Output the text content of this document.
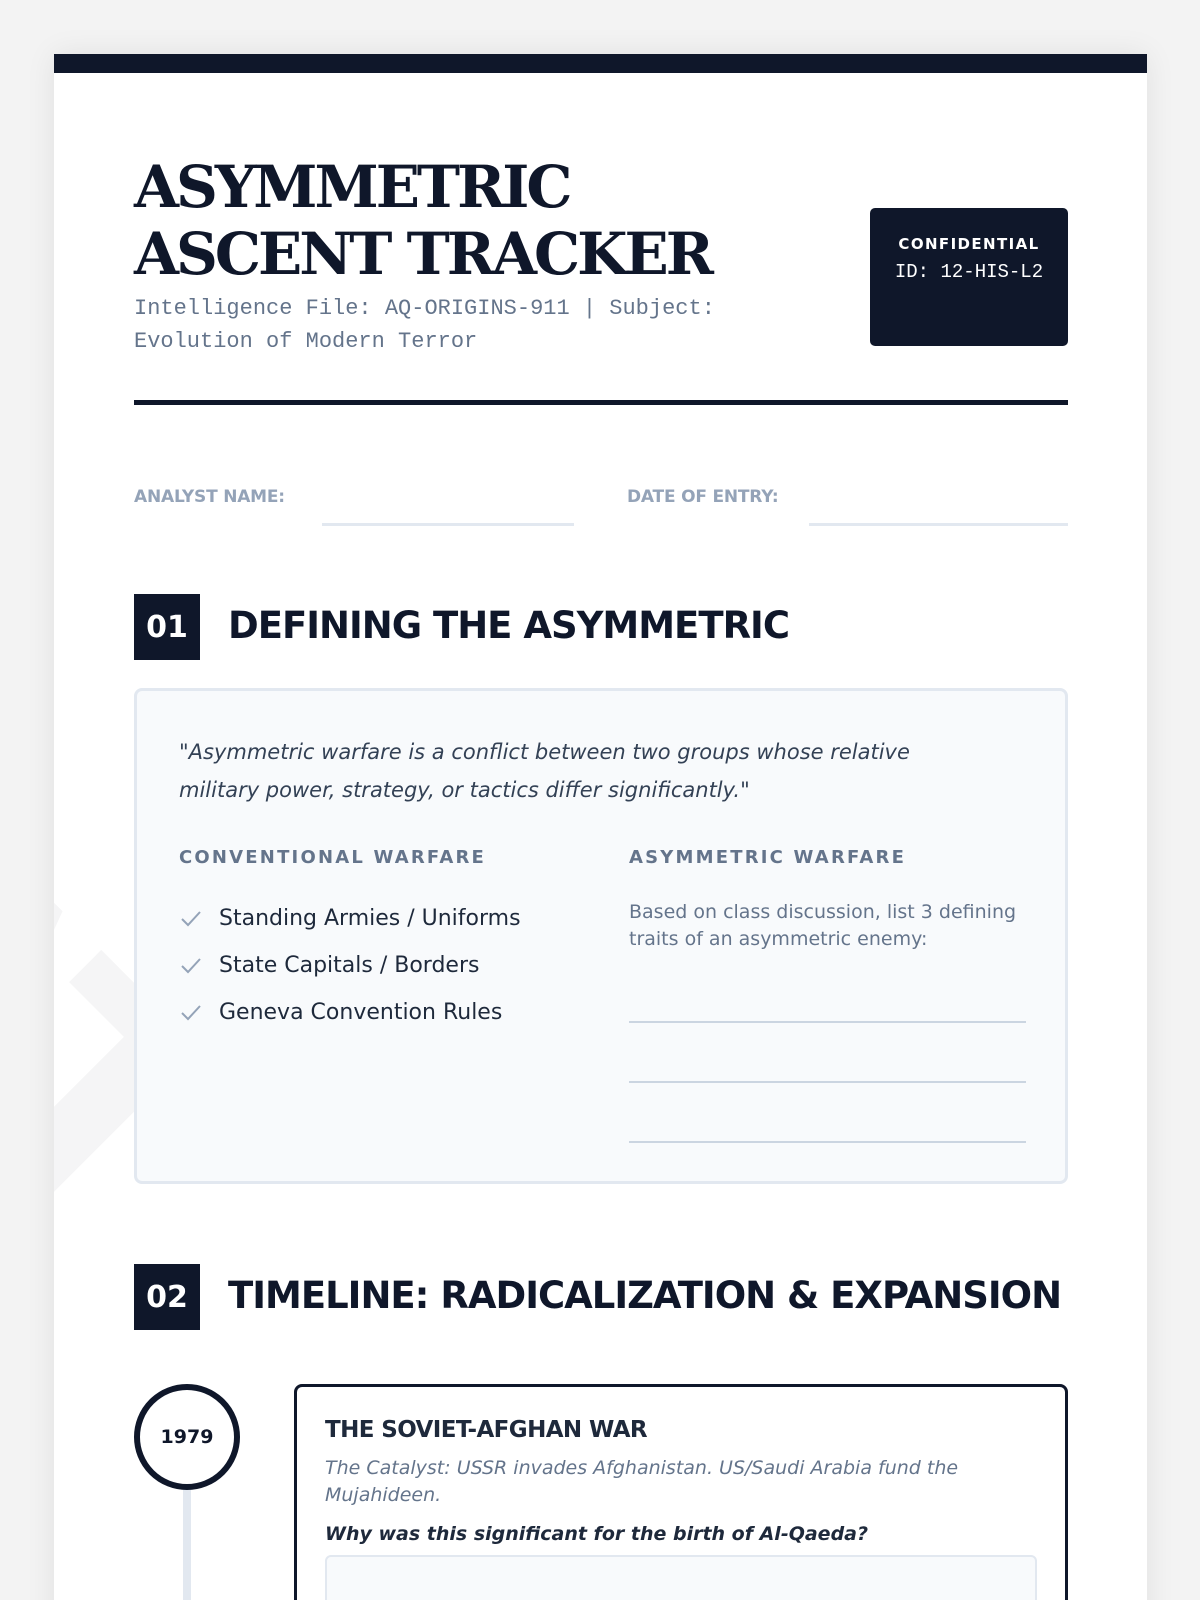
ASYMMETRIC ASCENT TRACKER

Intelligence File: AQ-ORIGINS-911 | Subject: Evolution of Modern Terror

CONFIDENTIAL
ID: 12-HIS-L2
ANALYST NAME:	DATE OF ENTRY:
01	DEFINING THE ASYMMETRIC

"Asymmetric warfare is a conflict between two groups whose relative military power, strategy, or tactics differ significantly."

CONVENTIONAL WARFARE
Standing Armies / Uniforms
State Capitals / Borders
Geneva Convention Rules
ASYMMETRIC WARFARE

Based on class discussion, list 3 defining traits of an asymmetric enemy:

02	TIMELINE: RADICALIZATION & EXPANSION
1979	THE SOVIET-AFGHAN WAR

The Catalyst: USSR invades Afghanistan. US/Saudi Arabia fund the Mujahideen.

Why was this significant for the birth of Al-Qaeda?
